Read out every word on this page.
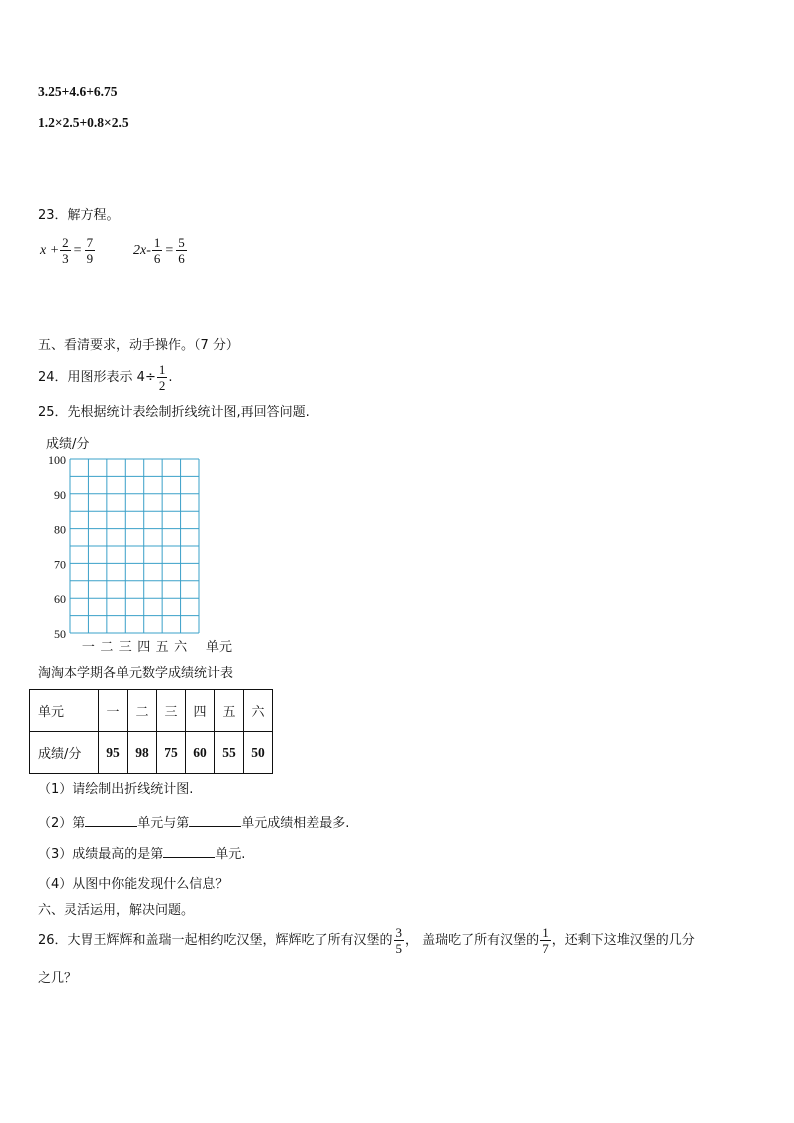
3.25+4.6+6.75
1.2×2.5+0.8×2.5
23．解方程。
$x + \frac{2}{3} = \frac{7}{9}$	$2x- \frac{1}{6} = \frac{5}{6}$
五、看清要求，动手操作。（7 分）
24．用图形表示 $4\div \frac{1}{2}$ .
25．先根据统计表绘制折线统计图,再回答问题.
成绩/分
100
90
80
70
60
50
一 二 三 四 五 六 单元
淘淘本学期各单元数学成绩统计表
单元	一	二	三	四	五	六
成绩/分	95	98	75	60	55	50
（1）请绘制出折线统计图.
（2）第	单元与第	单元成绩相差最多.
（3）成绩最高的是第	单元.
（4）从图中你能发现什么信息？
六、灵活运用，解决问题。
26．大胃王辉辉和盖瑞一起相约吃汉堡，辉辉吃了所有汉堡的 $\frac{3}{5}$ ， 盖瑞吃了所有汉堡的 $\frac{1}{7}$ ，还剩下这堆汉堡的几分
之几？
